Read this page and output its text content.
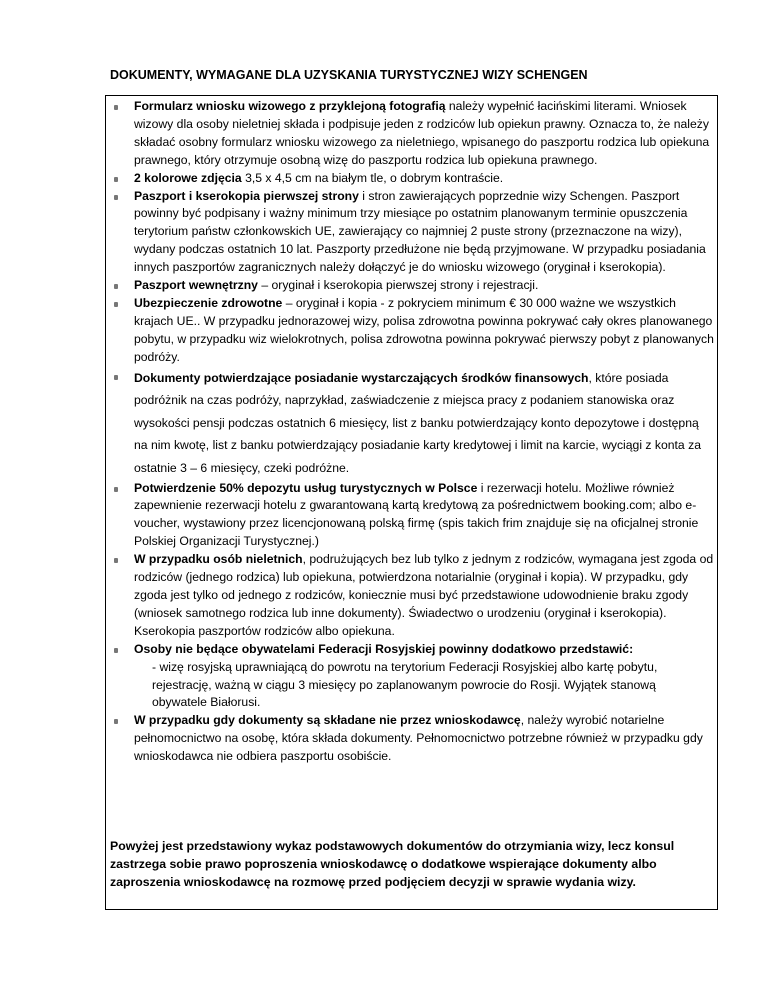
DOKUMENTY, WYMAGANE DLA UZYSKANIA TURYSTYCZNEJ WIZY SCHENGEN
Formularz wniosku wizowego z przyklejoną fotografią należy wypełnić łacińskimi literami. Wniosek wizowy dla osoby nieletniej składa i podpisuje jeden z rodziców lub opiekun prawny. Oznacza to, że należy składać osobny formularz wniosku wizowego za nieletniego, wpisanego do paszportu rodzica lub opiekuna prawnego, który otrzymuje osobną wizę do paszportu rodzica lub opiekuna prawnego.
2 kolorowe zdjęcia 3,5 x 4,5 cm na białym tle, o dobrym kontraście.
Paszport i kserokopia pierwszej strony i stron zawierających poprzednie wizy Schengen. Paszport powinny być podpisany i ważny minimum trzy miesiące po ostatnim planowanym terminie opuszczenia terytorium państw członkowskich UE, zawierający co najmniej 2 puste strony (przeznaczone na wizy), wydany podczas ostatnich 10 lat. Paszporty przedłużone nie będą przyjmowane. W przypadku posiadania innych paszportów zagranicznych należy dołączyć je do wniosku wizowego (oryginał i kserokopia).
Paszport wewnętrzny – oryginał i kserokopia pierwszej strony i rejestracji.
Ubezpieczenie zdrowotne – oryginał i kopia - z pokryciem minimum € 30 000 ważne we wszystkich krajach UE.. W przypadku jednorazowej wizy, polisa zdrowotna powinna pokrywać cały okres planowanego pobytu, w przypadku wiz wielokrotnych, polisa zdrowotna powinna pokrywać pierwszy pobyt z planowanych podróży.
Dokumenty potwierdzające posiadanie wystarczających środków finansowych, które posiada podróżnik na czas podróży, naprzykład, zaświadczenie z miejsca pracy z podaniem stanowiska oraz wysokości pensji podczas ostatnich 6 miesięcy, list z banku potwierdzający konto depozytowe i dostępną na nim kwotę, list z banku potwierdzający posiadanie karty kredytowej i limit na karcie, wyciągi z konta za ostatnie 3 – 6 miesięcy, czeki podróżne.
Potwierdzenie 50% depozytu usług turystycznych w Polsce i rezerwacji hotelu. Możliwe również zapewnienie rezerwacji hotelu z gwarantowaną kartą kredytową za pośrednictwem booking.com; albo e-voucher, wystawiony przez licencjonowaną polską firmę (spis takich frim znajduje się na oficjalnej stronie Polskiej Organizacji Turystycznej.)
W przypadku osób nieletnich, podrużujących bez lub tylko z jednym z rodziców, wymagana jest zgoda od rodziców (jednego rodzica) lub opiekuna, potwierdzona notarialnie (oryginał i kopia). W przypadku, gdy zgoda jest tylko od jednego z rodziców, koniecznie musi być przedstawione udowodnienie braku zgody (wniosek samotnego rodzica lub inne dokumenty). Świadectwo o urodzeniu (oryginał i kserokopia). Kserokopia paszportów rodziców albo opiekuna.
Osoby nie będące obywatelami Federacji Rosyjskiej powinny dodatkowo przedstawić:
- wizę rosyjską uprawniającą do powrotu na terytorium Federacji Rosyjskiej albo kartę pobytu, rejestrację, ważną w ciągu 3 miesięcy po zaplanowanym powrocie do Rosji. Wyjątek stanową obywatele Białorusi.
W przypadku gdy dokumenty są składane nie przez wnioskodawcę, należy wyrobić notarielne pełnomocnictwo na osobę, która składa dokumenty. Pełnomocnictwo potrzebne również w przypadku gdy wnioskodawca nie odbiera paszportu osobiście.

Powyżej jest przedstawiony wykaz podstawowych dokumentów do otrzymiania wizy, lecz konsul zastrzega sobie prawo poproszenia wnioskodawcę o dodatkowe wspierające dokumenty albo zaproszenia wnioskodawcę na rozmowę przed podjęciem decyzji w sprawie wydania wizy.
